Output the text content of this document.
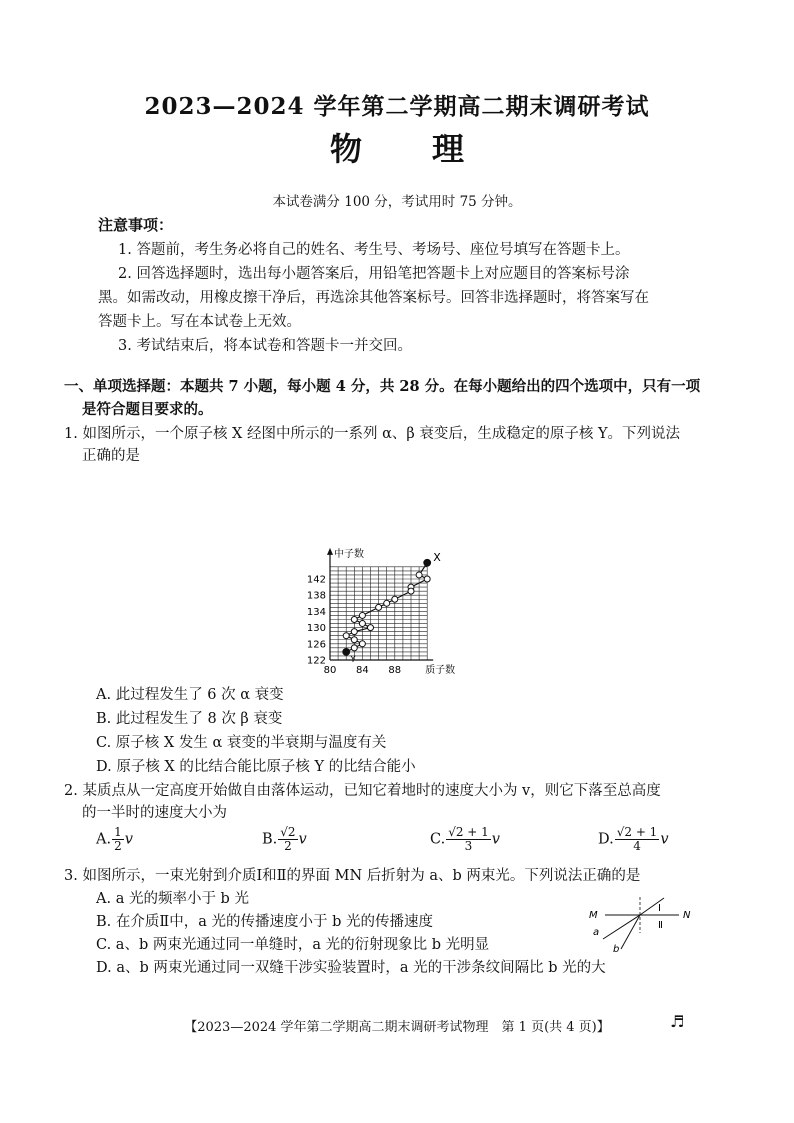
2023—2024 学年第二学期高二期末调研考试
物理
本试卷满分 100 分，考试用时 75 分钟。
注意事项：
1. 答题前，考生务必将自己的姓名、考生号、考场号、座位号填写在答题卡上。
2. 回答选择题时，选出每小题答案后，用铅笔把答题卡上对应题目的答案标号涂
黑。如需改动，用橡皮擦干净后，再选涂其他答案标号。回答非选择题时，将答案写在
答题卡上。写在本试卷上无效。
3. 考试结束后，将本试卷和答题卡一并交回。
一、单项选择题：本题共 7 小题，每小题 4 分，共 28 分。在每小题给出的四个选项中，只有一项
是符合题目要求的。
1. 如图所示，一个原子核 X 经图中所示的一系列 α、β 衰变后，生成稳定的原子核 Y。下列说法
正确的是
中子数
质子数
80 84 88
122
126
130
134
138
142
X
Y
A. 此过程发生了 6 次 α 衰变
B. 此过程发生了 8 次 β 衰变
C. 原子核 X 发生 α 衰变的半衰期与温度有关
D. 原子核 X 的比结合能比原子核 Y 的比结合能小
2. 某质点从一定高度开始做自由落体运动，已知它着地时的速度大小为 v，则它下落至总高度
的一半时的速度大小为
A. $\frac{1}{2}$ v	B. $\frac{√2}{2}$ v	C. $\frac{√2 + 1}{3}$ v	D. $\frac{√2 + 1}{4}$ v
3. 如图所示，一束光射到介质Ⅰ和Ⅱ的界面 MN 后折射为 a、b 两束光。下列说法正确的是
A. a 光的频率小于 b 光
B. 在介质Ⅱ中，a 光的传播速度小于 b 光的传播速度
C. a、b 两束光通过同一单缝时，a 光的衍射现象比 b 光明显
D. a、b 两束光通过同一双缝干涉实验装置时，a 光的干涉条纹间隔比 b 光的大
M	N
Ⅰ
Ⅱ
a
b
【2023—2024 学年第二学期高二期末调研考试物理　第 1 页(共 4 页)】	♬
